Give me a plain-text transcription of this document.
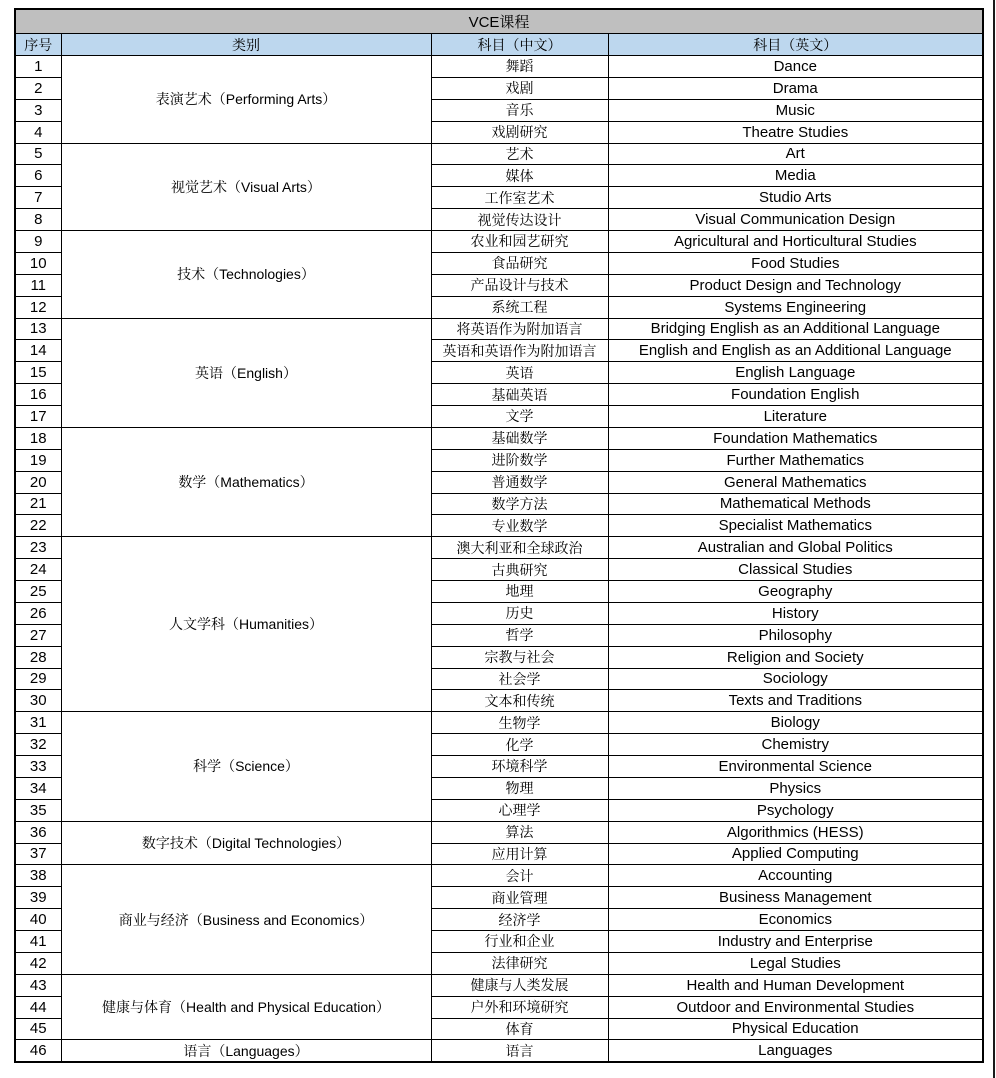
VCE课程			
序号	类别	科目（中文）	科目（英文）
1	表演艺术（Performing Arts）	舞蹈	Dance
2		戏剧	Drama
3		音乐	Music
4		戏剧研究	Theatre Studies
5	视觉艺术（Visual Arts）	艺术	Art
6		媒体	Media
7		工作室艺术	Studio Arts
8		视觉传达设计	Visual Communication Design
9	技术（Technologies）	农业和园艺研究	Agricultural and Horticultural Studies
10		食品研究	Food Studies
11		产品设计与技术	Product Design and Technology
12		系统工程	Systems Engineering
13	英语（English）	将英语作为附加语言	Bridging English as an Additional Language
14		英语和英语作为附加语言	English and English as an Additional Language
15		英语	English Language
16		基础英语	Foundation English
17		文学	Literature
18	数学（Mathematics）	基础数学	Foundation Mathematics
19		进阶数学	Further Mathematics
20		普通数学	General Mathematics
21		数学方法	Mathematical Methods
22		专业数学	Specialist Mathematics
23	人文学科（Humanities）	澳大利亚和全球政治	Australian and Global Politics
24		古典研究	Classical Studies
25		地理	Geography
26		历史	History
27		哲学	Philosophy
28		宗教与社会	Religion and Society
29		社会学	Sociology
30		文本和传统	Texts and Traditions
31	科学（Science）	生物学	Biology
32		化学	Chemistry
33		环境科学	Environmental Science
34		物理	Physics
35		心理学	Psychology
36	数字技术（Digital Technologies）	算法	Algorithmics (HESS)
37		应用计算	Applied Computing
38	商业与经济（Business and Economics）	会计	Accounting
39		商业管理	Business Management
40		经济学	Economics
41		行业和企业	Industry and Enterprise
42		法律研究	Legal Studies
43	健康与体育（Health and Physical Education）	健康与人类发展	Health and Human Development
44		户外和环境研究	Outdoor and Environmental Studies
45		体育	Physical Education
46	语言（Languages）	语言	Languages
